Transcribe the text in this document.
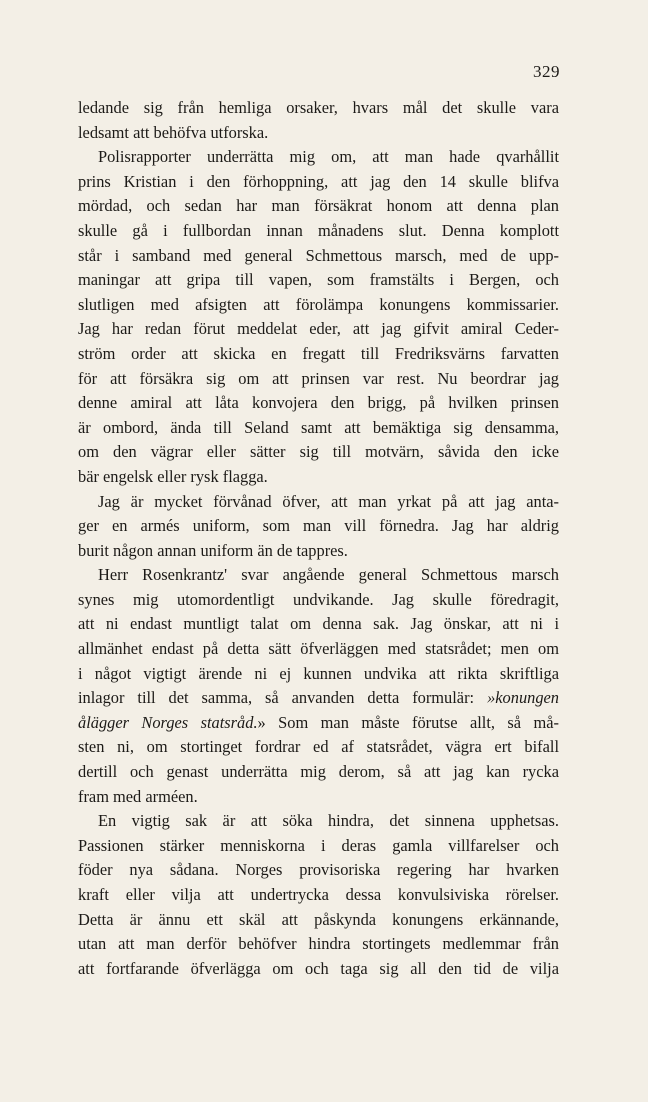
329
ledande sig från hemliga orsaker, hvars mål det skulle vara
ledsamt att behöfva utforska.
Polisrapporter underrätta mig om, att man hade qvarhållit
prins Kristian i den förhoppning, att jag den 14 skulle blifva
mördad, och sedan har man försäkrat honom att denna plan
skulle gå i fullbordan innan månadens slut. Denna komplott
står i samband med general Schmettous marsch, med de upp-
maningar att gripa till vapen, som framstälts i Bergen, och
slutligen med afsigten att förolämpa konungens kommissarier.
Jag har redan förut meddelat eder, att jag gifvit amiral Ceder-
ström order att skicka en fregatt till Fredriksvärns farvatten
för att försäkra sig om att prinsen var rest. Nu beordrar jag
denne amiral att låta konvojera den brigg, på hvilken prinsen
är ombord, ända till Seland samt att bemäktiga sig densamma,
om den vägrar eller sätter sig till motvärn, såvida den icke
bär engelsk eller rysk flagga.
Jag är mycket förvånad öfver, att man yrkat på att jag anta-
ger en armés uniform, som man vill förnedra. Jag har aldrig
burit någon annan uniform än de tappres.
Herr Rosenkrantz' svar angående general Schmettous marsch
synes mig utomordentligt undvikande. Jag skulle föredragit,
att ni endast muntligt talat om denna sak. Jag önskar, att ni i
allmänhet endast på detta sätt öfverläggen med statsrådet; men om
i något vigtigt ärende ni ej kunnen undvika att rikta skriftliga
inlagor till det samma, så anvanden detta formulär: »konungen
ålägger Norges statsråd.» Som man måste förutse allt, så må-
sten ni, om stortinget fordrar ed af statsrådet, vägra ert bifall
dertill och genast underrätta mig derom, så att jag kan rycka
fram med arméen.
En vigtig sak är att söka hindra, det sinnena upphetsas.
Passionen stärker menniskorna i deras gamla villfarelser och
föder nya sådana. Norges provisoriska regering har hvarken
kraft eller vilja att undertrycka dessa konvulsiviska rörelser.
Detta är ännu ett skäl att påskynda konungens erkännande,
utan att man derför behöfver hindra stortingets medlemmar från
att fortfarande öfverlägga om och taga sig all den tid de vilja
